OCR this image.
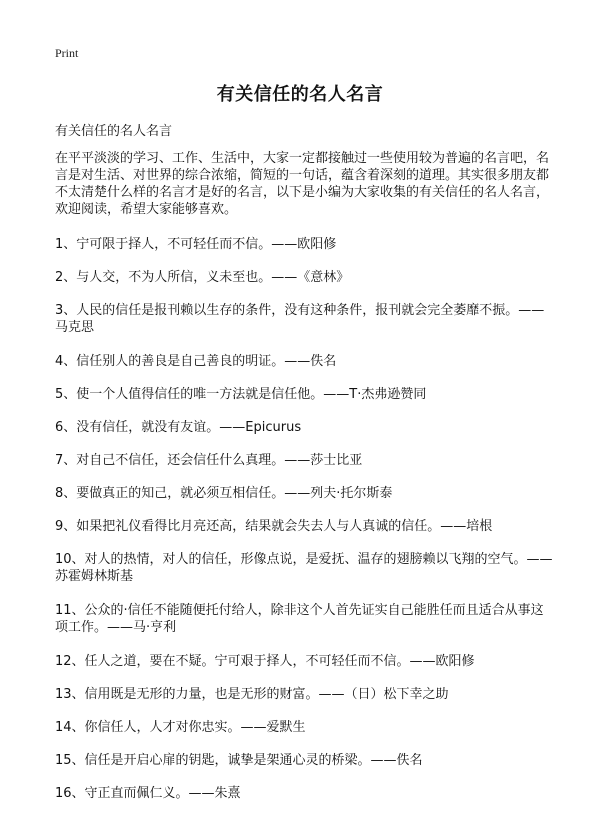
Print
有关信任的名人名言
有关信任的名人名言

在平平淡淡的学习、工作、生活中，大家一定都接触过一些使用较为普遍的名言吧，名言是对生活、对世界的综合浓缩，简短的一句话，蕴含着深刻的道理。其实很多朋友都不太清楚什么样的名言才是好的名言，以下是小编为大家收集的有关信任的名人名言，欢迎阅读，希望大家能够喜欢。

1、宁可限于择人，不可轻任而不信。——欧阳修
2、与人交，不为人所信，义未至也。——《意林》
3、人民的信任是报刊赖以生存的条件，没有这种条件，报刊就会完全萎靡不振。——马克思
4、信任别人的善良是自己善良的明证。——佚名
5、使一个人值得信任的唯一方法就是信任他。——T·杰弗逊赞同
6、没有信任，就没有友谊。——Epicurus
7、对自己不信任，还会信任什么真理。——莎士比亚
8、要做真正的知己，就必须互相信任。——列夫·托尔斯泰
9、如果把礼仪看得比月亮还高，结果就会失去人与人真诚的信任。——培根
10、对人的热情，对人的信任，形像点说，是爱抚、温存的翅膀赖以飞翔的空气。——苏霍姆林斯基
11、公众的·信任不能随便托付给人，除非这个人首先证实自己能胜任而且适合从事这项工作。——马·亨利
12、任人之道，要在不疑。宁可艰于择人，不可轻任而不信。——欧阳修
13、信用既是无形的力量，也是无形的财富。——（日）松下幸之助
14、你信任人，人才对你忠实。——爱默生
15、信任是开启心扉的钥匙，诚挚是架通心灵的桥梁。——佚名
16、守正直而佩仁义。——朱熹
